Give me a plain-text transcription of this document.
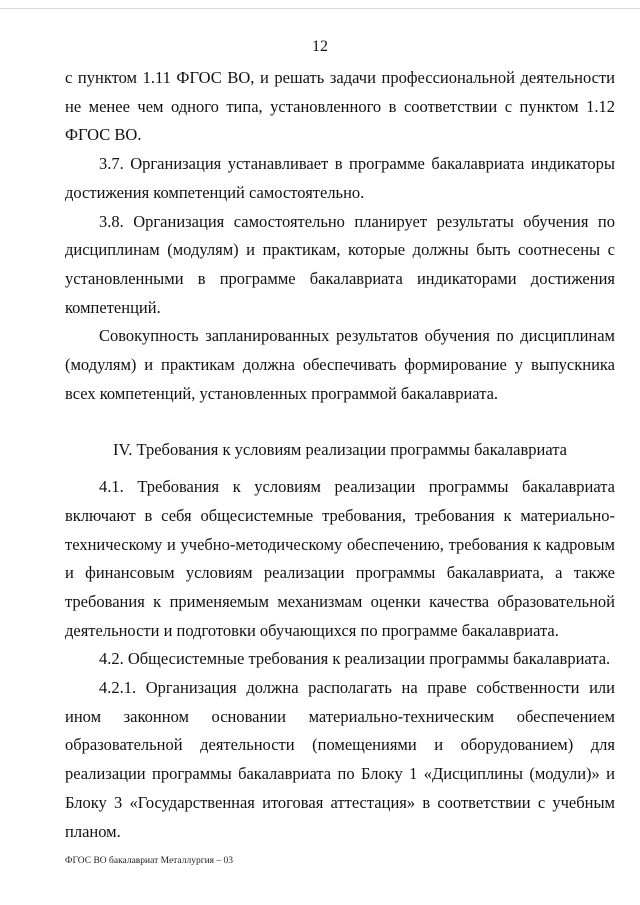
12

с пунктом 1.11 ФГОС ВО, и решать задачи профессиональной деятельности не менее чем одного типа, установленного в соответствии с пунктом 1.12 ФГОС ВО.

3.7. Организация устанавливает в программе бакалавриата индикаторы достижения компетенций самостоятельно.

3.8. Организация самостоятельно планирует результаты обучения по дисциплинам (модулям) и практикам, которые должны быть соотнесены с установленными в программе бакалавриата индикаторами достижения компетенций.

Совокупность запланированных результатов обучения по дисциплинам (модулям) и практикам должна обеспечивать формирование у выпускника всех компетенций, установленных программой бакалавриата.

IV. Требования к условиям реализации программы бакалавриата

4.1. Требования к условиям реализации программы бакалавриата включают в себя общесистемные требования, требования к материально-техническому и учебно-методическому обеспечению, требования к кадровым и финансовым условиям реализации программы бакалавриата, а также требования к применяемым механизмам оценки качества образовательной деятельности и подготовки обучающихся по программе бакалавриата.

4.2. Общесистемные требования к реализации программы бакалавриата.

4.2.1. Организация должна располагать на праве собственности или ином законном основании материально-техническим обеспечением образовательной деятельности (помещениями и оборудованием) для реализации программы бакалавриата по Блоку 1 «Дисциплины (модули)» и Блоку 3 «Государственная итоговая аттестация» в соответствии с учебным планом.

ФГОС ВО бакалавриат Металлургия – 03
